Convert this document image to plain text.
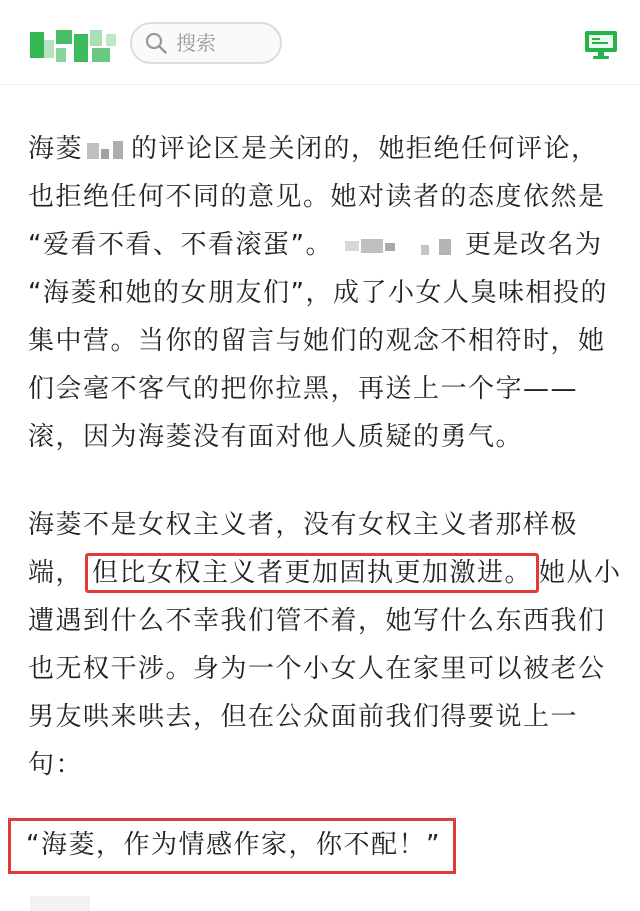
搜索
海菱 的评论区是关闭的，她拒绝任何评论，
也拒绝任何不同的意见。她对读者的态度依然是
“爱看不看、不看滚蛋”。	更是改名为
“海菱和她的女朋友们”，成了小女人臭味相投的
集中营。当你的留言与她们的观念不相符时，她
们会毫不客气的把你拉黑，再送上一个字——
滚，因为海菱没有面对他人质疑的勇气。
海菱不是女权主义者，没有女权主义者那样极
端， 但比女权主义者更加固执更加激进。 她从小
遭遇到什么不幸我们管不着，她写什么东西我们
也无权干涉。身为一个小女人在家里可以被老公
男友哄来哄去，但在公众面前我们得要说上一
句：
“海菱，作为情感作家，你不配！”
